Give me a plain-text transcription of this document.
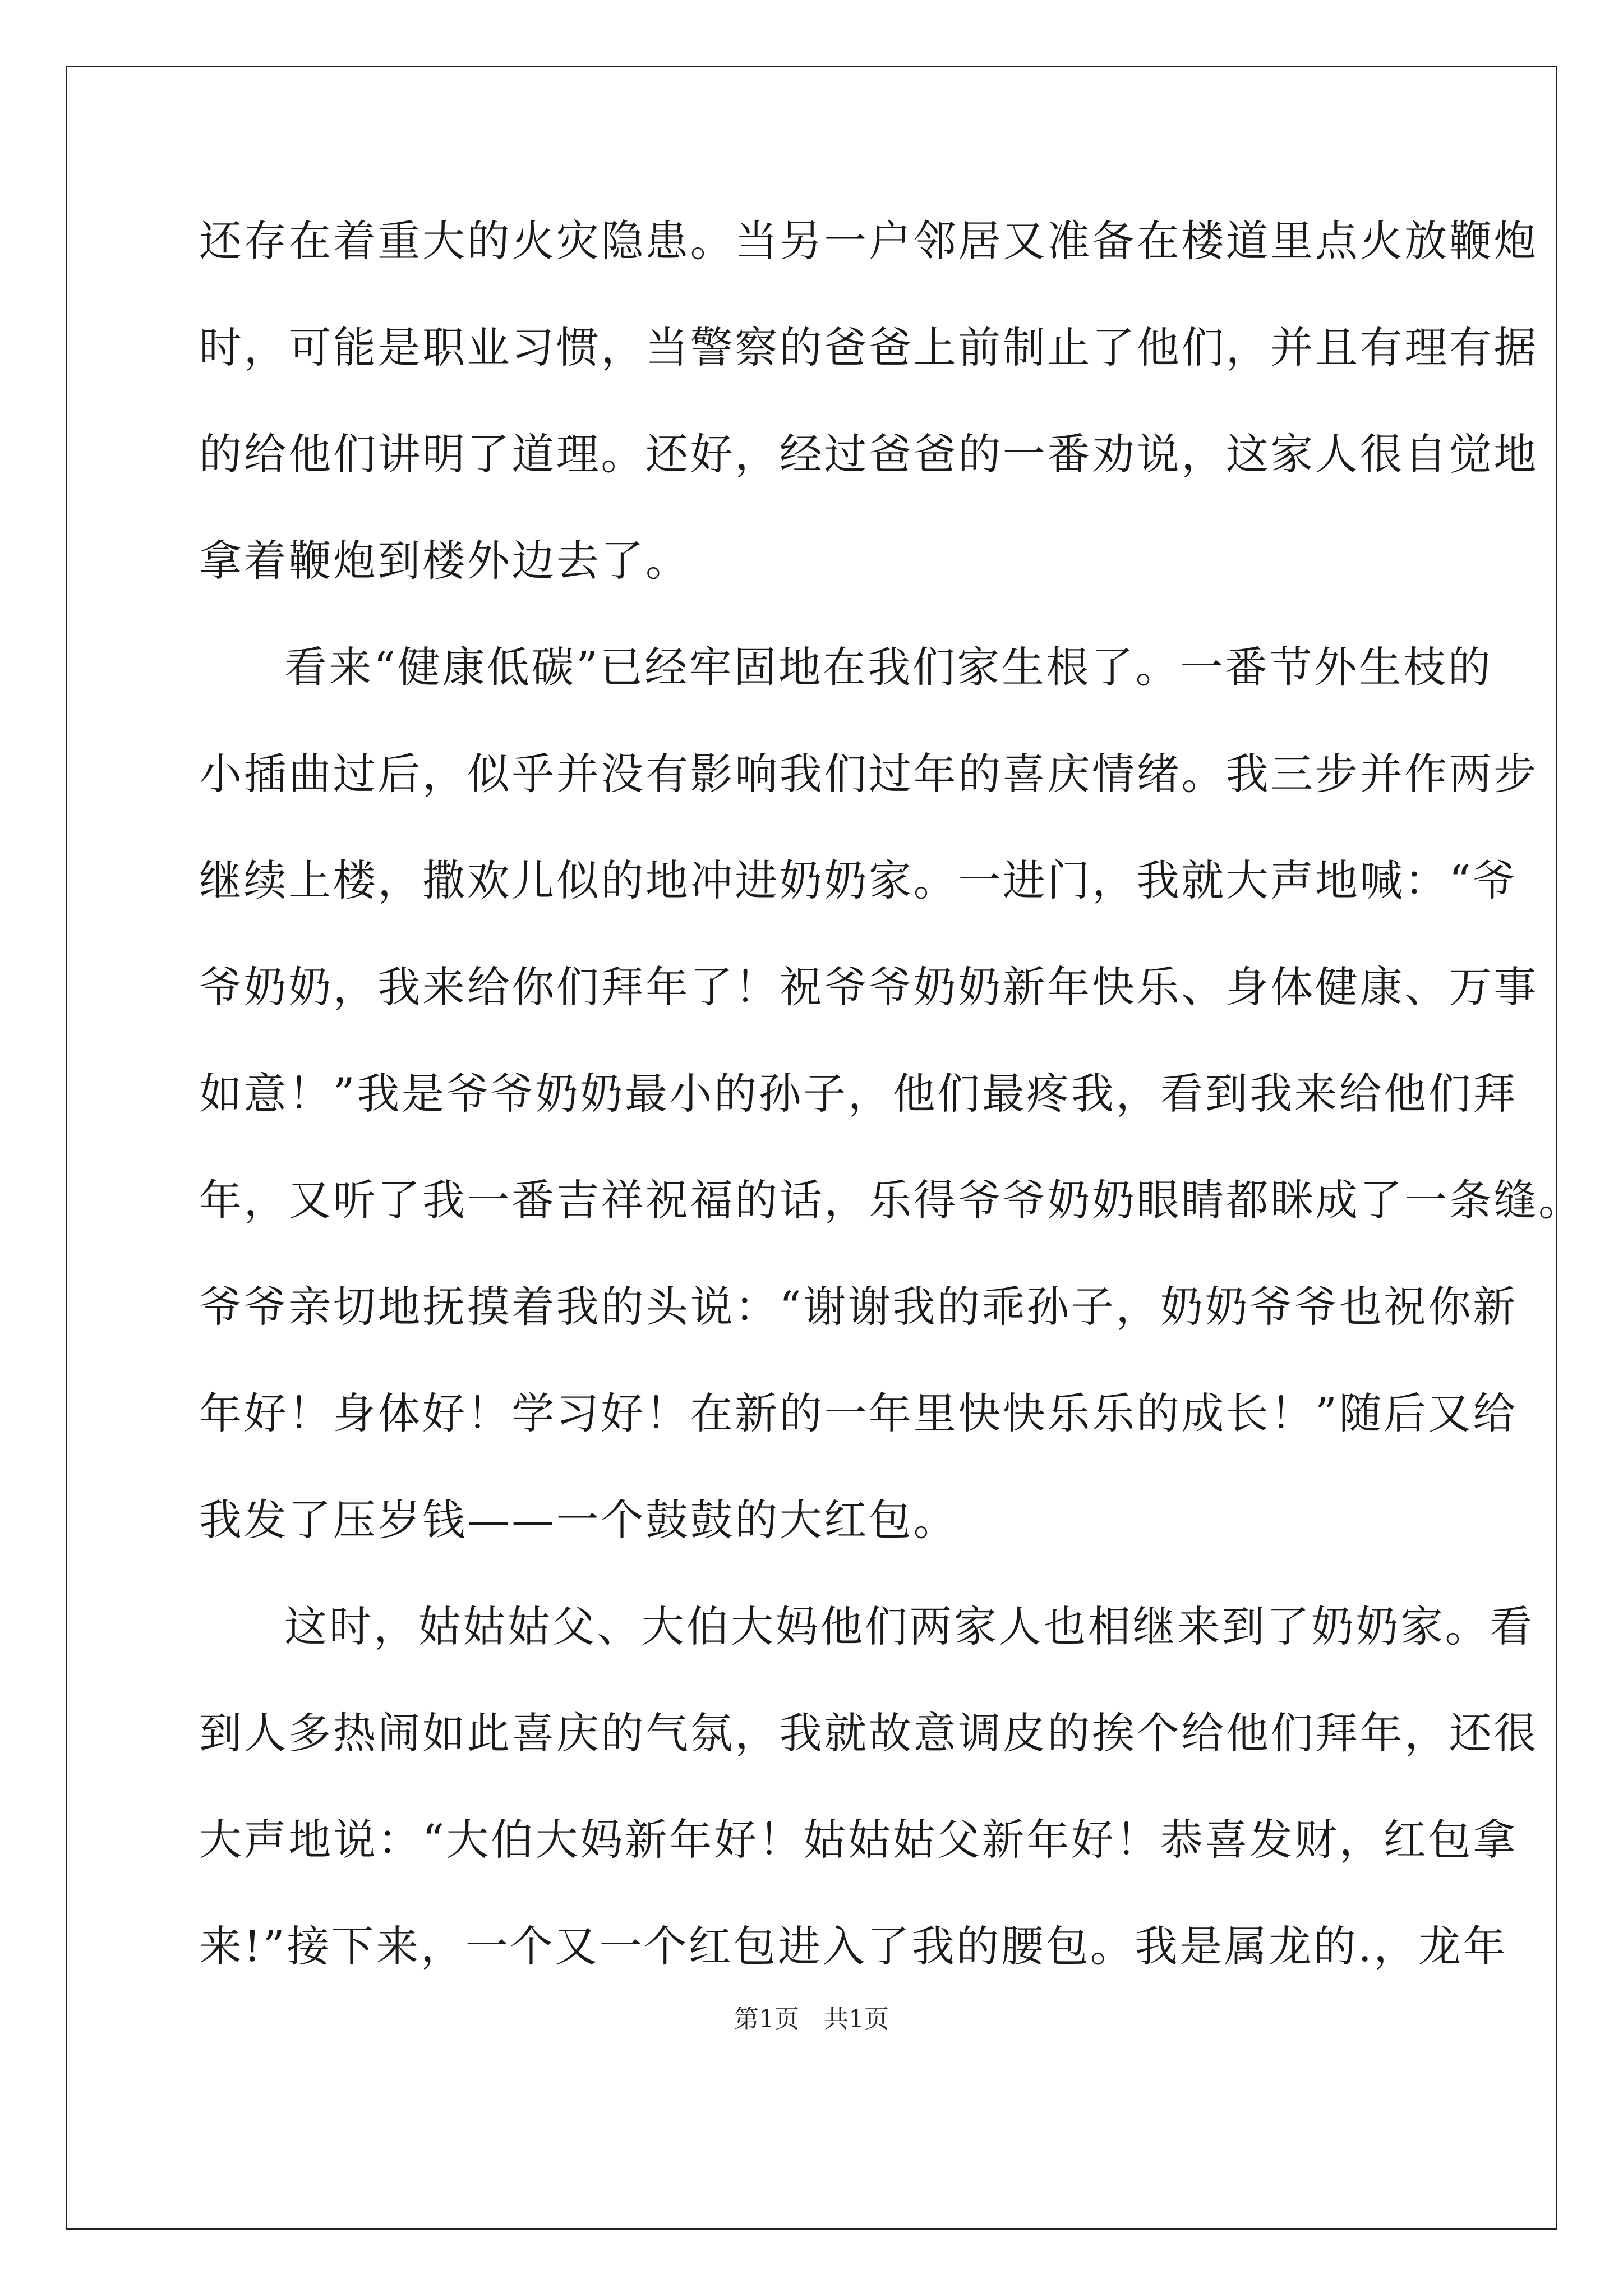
还存在着重大的火灾隐患。当另一户邻居又准备在楼道里点火放鞭炮
时，可能是职业习惯，当警察的爸爸上前制止了他们，并且有理有据
的给他们讲明了道理。还好，经过爸爸的一番劝说，这家人很自觉地
拿着鞭炮到楼外边去了。
看来“健康低碳”已经牢固地在我们家生根了。一番节外生枝的
小插曲过后，似乎并没有影响我们过年的喜庆情绪。我三步并作两步
继续上楼，撒欢儿似的地冲进奶奶家。一进门，我就大声地喊：“爷
爷奶奶，我来给你们拜年了！祝爷爷奶奶新年快乐、身体健康、万事
如意！”我是爷爷奶奶最小的孙子，他们最疼我，看到我来给他们拜
年，又听了我一番吉祥祝福的话，乐得爷爷奶奶眼睛都眯成了一条缝。
爷爷亲切地抚摸着我的头说：“谢谢我的乖孙子，奶奶爷爷也祝你新
年好！身体好！学习好！在新的一年里快快乐乐的成长！”随后又给
我发了压岁钱——一个鼓鼓的大红包。
这时，姑姑姑父、大伯大妈他们两家人也相继来到了奶奶家。看
到人多热闹如此喜庆的气氛，我就故意调皮的挨个给他们拜年，还很
大声地说：“大伯大妈新年好！姑姑姑父新年好！恭喜发财，红包拿
来!”接下来，一个又一个红包进入了我的腰包。我是属龙的.，龙年
第1页　共1页
